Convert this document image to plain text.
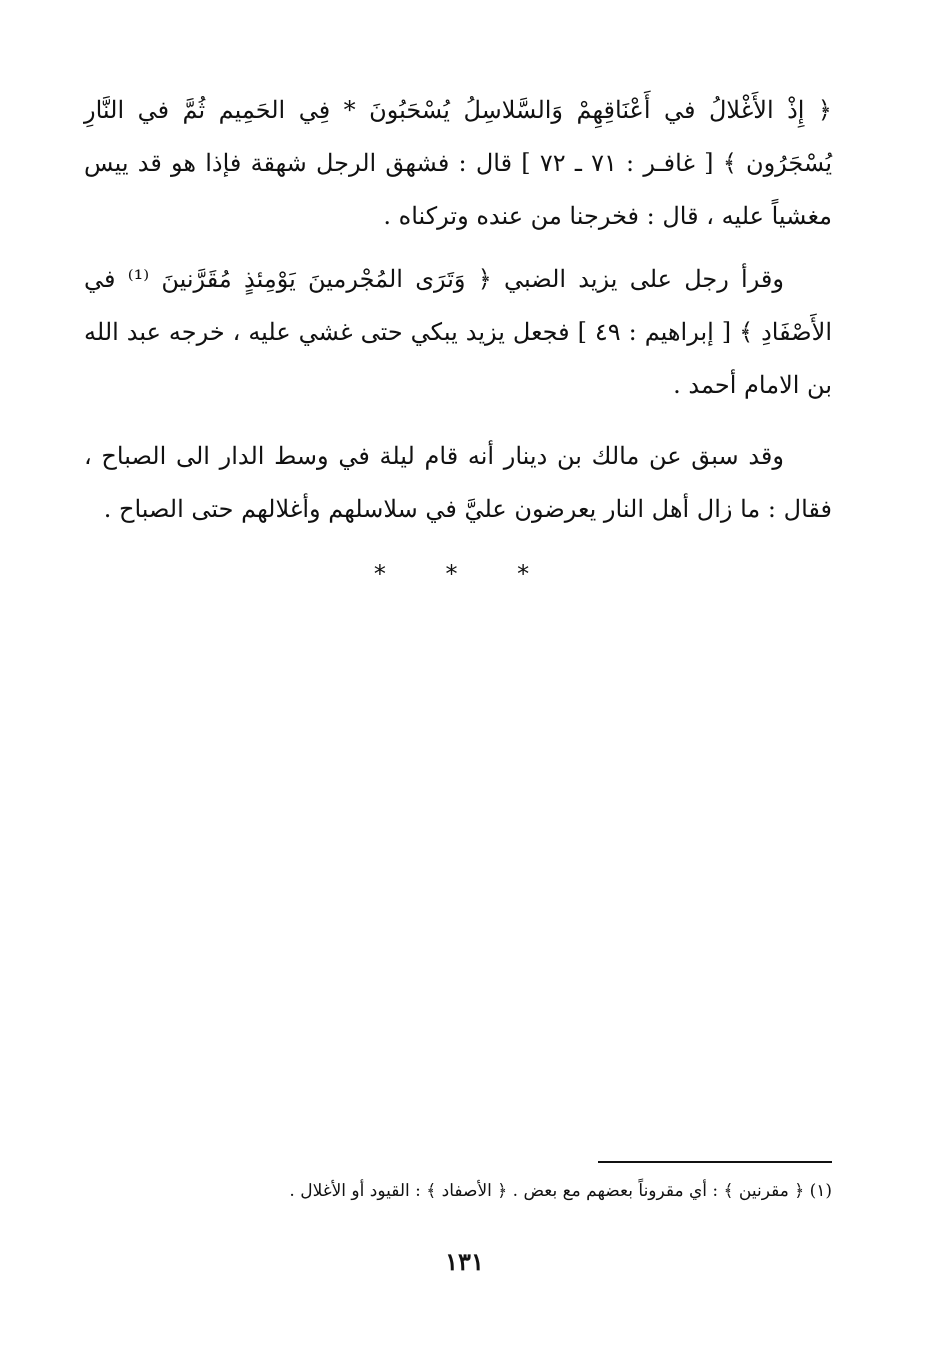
﴿ إِذْ الأَغْلالُ في أَعْنَاقِهِمْ وَالسَّلاسِلُ يُسْحَبُونَ * فِي الحَمِيم ثُمَّ في النَّارِ يُسْجَرُون ﴾ [ غافـر : ٧١ ـ ٧٢ ] قال : فشهق الرجل شهقة فإذا هو قد ييس مغشياً عليه ، قال : فخرجنا من عنده وتركناه .

وقرأ رجل على يزيد الضبي ﴿ وَتَرَى المُجْرمينَ يَوْمِئذٍ مُقَرَّنينَ ⁽¹⁾ في الأَصْفَادِ ﴾ [ إبراهيم : ٤٩ ] فجعل يزيد يبكي حتى غشي عليه ، خرجه عبد الله بن الامام أحمد .

وقد سبق عن مالك بن دينار أنه قام ليلة في وسط الدار الى الصباح ، فقال : ما زال أهل النار يعرضون عليَّ في سلاسلهم وأغلالهم حتى الصباح .

* * *
(١) ﴿ مقرنين ﴾ : أي مقروناً بعضهم مع بعض . ﴿ الأصفاد ﴾ : القيود أو الأغلال .
١٣١
